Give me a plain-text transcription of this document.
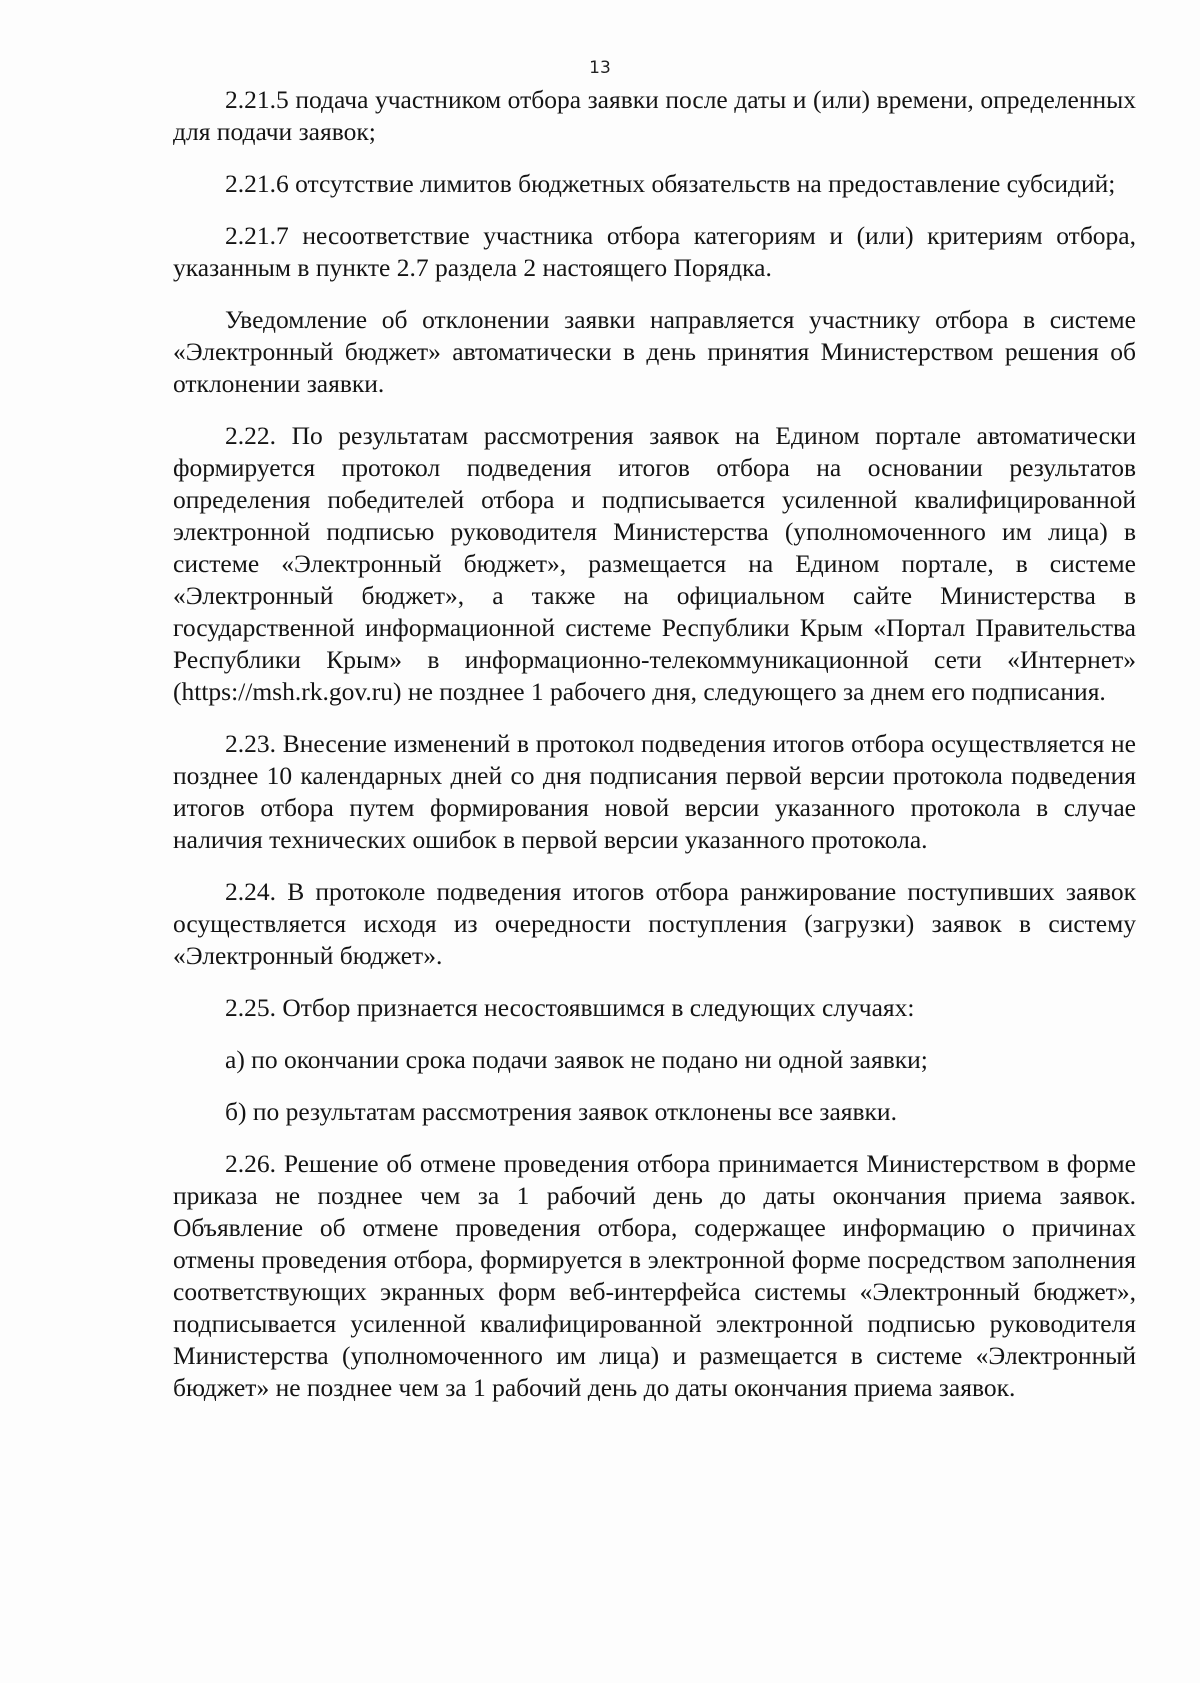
13

2.21.5 подача участником отбора заявки после даты и (или) времени, определенных для подачи заявок;

2.21.6 отсутствие лимитов бюджетных обязательств на предоставление субсидий;

2.21.7 несоответствие участника отбора категориям и (или) критериям отбора, указанным в пункте 2.7 раздела 2 настоящего Порядка.

Уведомление об отклонении заявки направляется участнику отбора в системе «Электронный бюджет» автоматически в день принятия Министерством решения об отклонении заявки.

2.22. По результатам рассмотрения заявок на Едином портале автоматически формируется протокол подведения итогов отбора на основании результатов определения победителей отбора и подписывается усиленной квалифицированной электронной подписью руководителя Министерства (уполномоченного им лица) в системе «Электронный бюджет», размещается на Едином портале, в системе «Электронный бюджет», а также на официальном сайте Министерства в государственной информационной системе Республики Крым «Портал Правительства Республики Крым» в информационно-телекоммуникационной сети «Интернет» (https://msh.rk.gov.ru) не позднее 1 рабочего дня, следующего за днем его подписания.

2.23. Внесение изменений в протокол подведения итогов отбора осуществляется не позднее 10 календарных дней со дня подписания первой версии протокола подведения итогов отбора путем формирования новой версии указанного протокола в случае наличия технических ошибок в первой версии указанного протокола.

2.24. В протоколе подведения итогов отбора ранжирование поступивших заявок осуществляется исходя из очередности поступления (загрузки) заявок в систему «Электронный бюджет».

2.25. Отбор признается несостоявшимся в следующих случаях:

а) по окончании срока подачи заявок не подано ни одной заявки;

б) по результатам рассмотрения заявок отклонены все заявки.

2.26. Решение об отмене проведения отбора принимается Министерством в форме приказа не позднее чем за 1 рабочий день до даты окончания приема заявок. Объявление об отмене проведения отбора, содержащее информацию о причинах отмены проведения отбора, формируется в электронной форме посредством заполнения соответствующих экранных форм веб-интерфейса системы «Электронный бюджет», подписывается усиленной квалифицированной электронной подписью руководителя Министерства (уполномоченного им лица) и размещается в системе «Электронный бюджет» не позднее чем за 1 рабочий день до даты окончания приема заявок.
